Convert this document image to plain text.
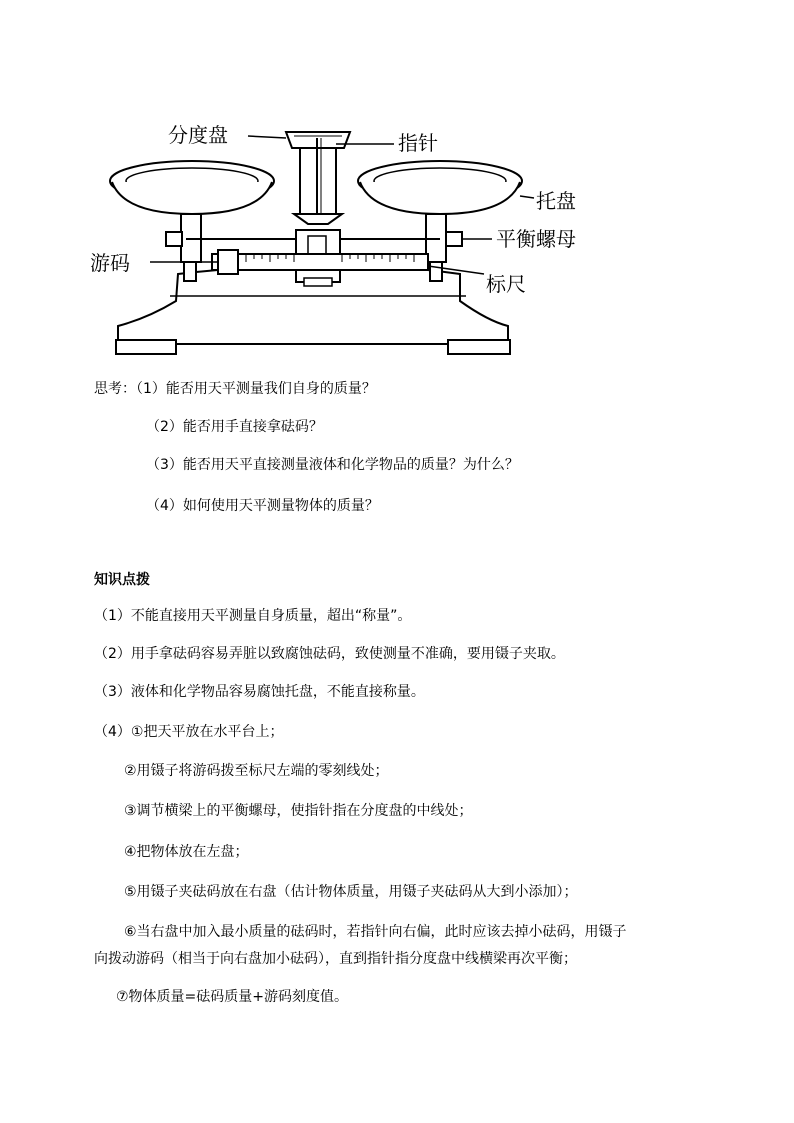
分度盘	指针
托盘
平衡螺母
游码
标尺
思考：（1）能否用天平测量我们自身的质量？
（2）能否用手直接拿砝码？
（3）能否用天平直接测量液体和化学物品的质量？为什么？
（4）如何使用天平测量物体的质量？
知识点拨
（1）不能直接用天平测量自身质量，超出“称量”。
（2）用手拿砝码容易弄脏以致腐蚀砝码，致使测量不准确，要用镊子夹取。
（3）液体和化学物品容易腐蚀托盘，不能直接称量。
（4）①把天平放在水平台上；
②用镊子将游码拨至标尺左端的零刻线处；
③调节横梁上的平衡螺母，使指针指在分度盘的中线处；
④把物体放在左盘；
⑤用镊子夹砝码放在右盘（估计物体质量，用镊子夹砝码从大到小添加）；
⑥当右盘中加入最小质量的砝码时，若指针向右偏，此时应该去掉小砝码，用镊子
向拨动游码（相当于向右盘加小砝码），直到指针指分度盘中线横梁再次平衡；
⑦物体质量=砝码质量+游码刻度值。
